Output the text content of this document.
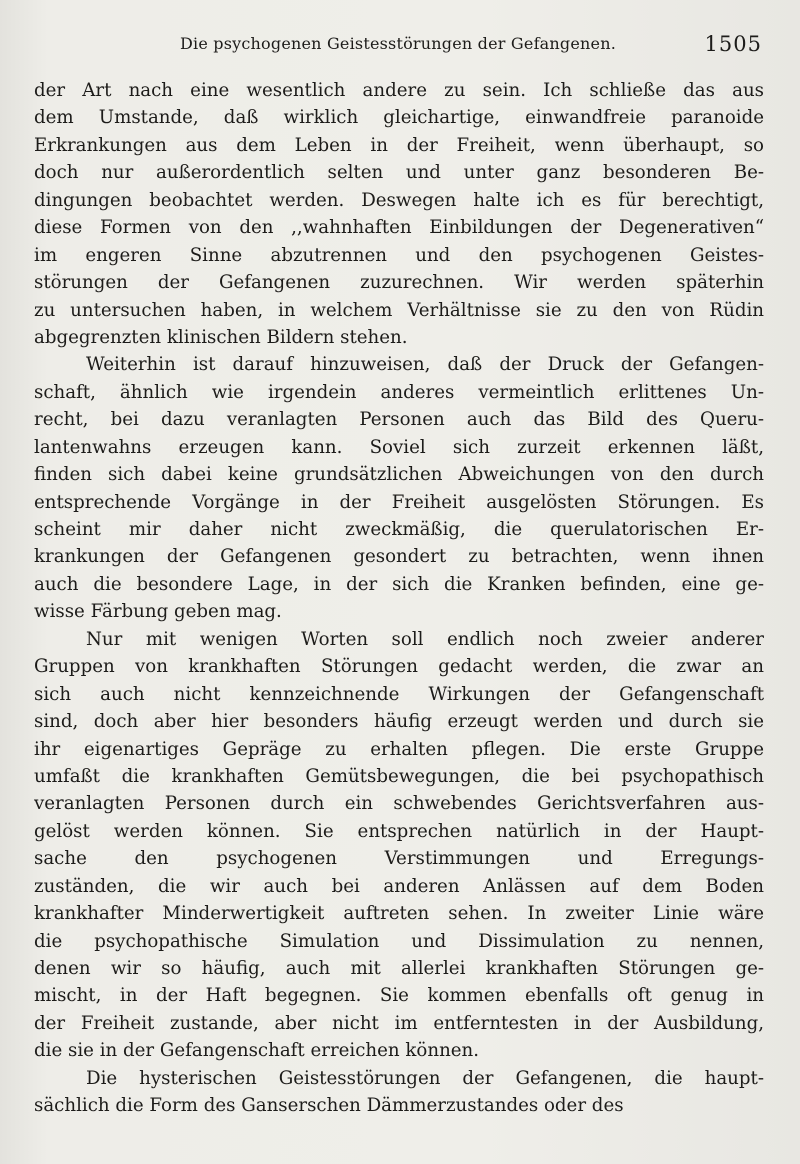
Die psychogenen Geistesstörungen der Gefangenen.	1505
der Art nach eine wesentlich andere zu sein. Ich schließe das aus
dem Umstande, daß wirklich gleichartige, einwandfreie paranoide
Erkrankungen aus dem Leben in der Freiheit, wenn überhaupt, so
doch nur außerordentlich selten und unter ganz besonderen Be-
dingungen beobachtet werden. Deswegen halte ich es für berechtigt,
diese Formen von den ,,wahnhaften Einbildungen der Degenerativen“
im engeren Sinne abzutrennen und den psychogenen Geistes-
störungen der Gefangenen zuzurechnen. Wir werden späterhin
zu untersuchen haben, in welchem Verhältnisse sie zu den von Rüdin
abgegrenzten klinischen Bildern stehen.
Weiterhin ist darauf hinzuweisen, daß der Druck der Gefangen-
schaft, ähnlich wie irgendein anderes vermeintlich erlittenes Un-
recht, bei dazu veranlagten Personen auch das Bild des Queru-
lantenwahns erzeugen kann. Soviel sich zurzeit erkennen läßt,
finden sich dabei keine grundsätzlichen Abweichungen von den durch
entsprechende Vorgänge in der Freiheit ausgelösten Störungen. Es
scheint mir daher nicht zweckmäßig, die querulatorischen Er-
krankungen der Gefangenen gesondert zu betrachten, wenn ihnen
auch die besondere Lage, in der sich die Kranken befinden, eine ge-
wisse Färbung geben mag.
Nur mit wenigen Worten soll endlich noch zweier anderer
Gruppen von krankhaften Störungen gedacht werden, die zwar an
sich auch nicht kennzeichnende Wirkungen der Gefangenschaft
sind, doch aber hier besonders häufig erzeugt werden und durch sie
ihr eigenartiges Gepräge zu erhalten pflegen. Die erste Gruppe
umfaßt die krankhaften Gemütsbewegungen, die bei psychopathisch
veranlagten Personen durch ein schwebendes Gerichtsverfahren aus-
gelöst werden können. Sie entsprechen natürlich in der Haupt-
sache den psychogenen Verstimmungen und Erregungs-
zuständen, die wir auch bei anderen Anlässen auf dem Boden
krankhafter Minderwertigkeit auftreten sehen. In zweiter Linie wäre
die psychopathische Simulation und Dissimulation zu nennen,
denen wir so häufig, auch mit allerlei krankhaften Störungen ge-
mischt, in der Haft begegnen. Sie kommen ebenfalls oft genug in
der Freiheit zustande, aber nicht im entferntesten in der Ausbildung,
die sie in der Gefangenschaft erreichen können.
Die hysterischen Geistesstörungen der Gefangenen, die haupt-
sächlich die Form des Ganserschen Dämmerzustandes oder des
